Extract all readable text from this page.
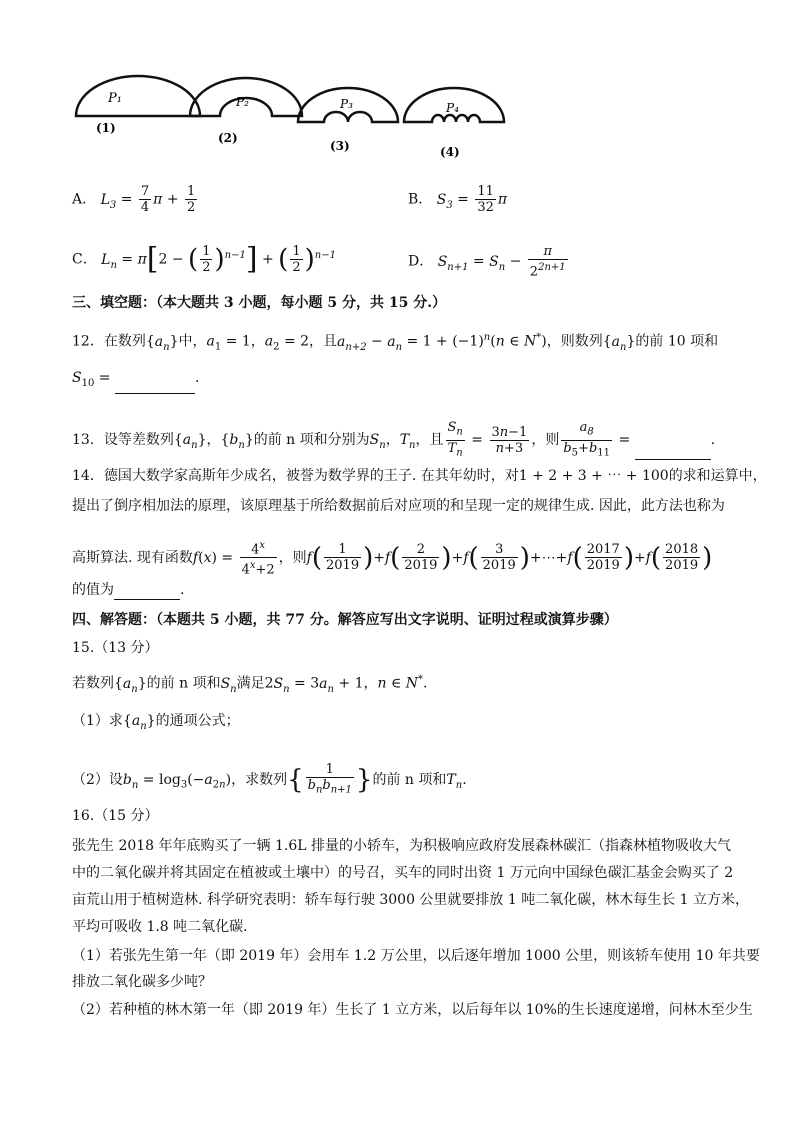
P₁	P₂	P₃	P₄
(1)
(2)
(3)	(4)
A． $L_3 = \frac{7}{4}$ $\pi + \frac{1}{2}$	B． $S_3 = \frac{11}{32}$ π
C． $L_n = \pi[2$ − ( $\frac{1}{2} )^{n-1}$] + ( $\frac{1}{2} )^{n-1}$	D． $S_{n+1} = S_n - \frac{\pi}{2^{2n+1}}$
三、填空题：（本大题共 3 小题，每小题 5 分，共 15 分.）
12．在数列$\{a_n\}$中，$a_1 = 1$，$a_2 = 2$，且$a_{n+2} - a_n = 1 + (-1)^n(n$ ∈ N*)，则数列$\{a_n\}$的前 10 项和
$S_{10}$ =	.
13．设等差数列$\{a_n\}$，$\{b_n\}$的前 n 项和分别为$S_n$，$T_n$，且 $\frac{S_n}{T_n} = \frac{3n-1}{n+3}$ ，则 $\frac{a_8}{b_5+b_{11}}$ =	.
14．德国大数学家高斯年少成名，被誉为数学界的王子. 在其年幼时，对1 + 2 + 3 + ⋯ + 100的求和运算中，
提出了倒序相加法的原理，该原理基于所给数据前后对应项的和呈现一定的规律生成. 因此，此方法也称为
高斯算法. 现有函数$f(x) = \frac{4^x}{4^x+2}$ ，则$f( \frac{1}{2019} )+f( \frac{2}{2019} )+f( \frac{3}{2019}$ )+⋯+f( $\frac{2017}{2019} )+f( \frac{2018}{2019}$ )
的值为	.
四、解答题：（本题共 5 小题，共 77 分。解答应写出文字说明、证明过程或演算步骤）
15.（13 分）
若数列$\{a_n\}$的前 n 项和$S_n$满足$2S_n = 3a_n + 1$，n ∈ N*.
（1）求$\{a_n\}$的通项公式；
（2）设$b_n = \log_3(-a_{2n})$，求数列{ $\frac{1}{b_nb_{n+1}}$ }的前 n 项和$T_n$.
16.（15 分）
张先生 2018 年年底购买了一辆 1.6L 排量的小轿车，为积极响应政府发展森林碳汇（指森林植物吸收大气
中的二氧化碳并将其固定在植被或土壤中）的号召，买车的同时出资 1 万元向中国绿色碳汇基金会购买了 2
亩荒山用于植树造林. 科学研究表明：轿车每行驶 3000 公里就要排放 1 吨二氧化碳，林木每生长 1 立方米，
平均可吸收 1.8 吨二氧化碳.
（1）若张先生第一年（即 2019 年）会用车 1.2 万公里，以后逐年增加 1000 公里，则该轿车使用 10 年共要
排放二氧化碳多少吨？
（2）若种植的林木第一年（即 2019 年）生长了 1 立方米，以后每年以 10%的生长速度递增，问林木至少生
